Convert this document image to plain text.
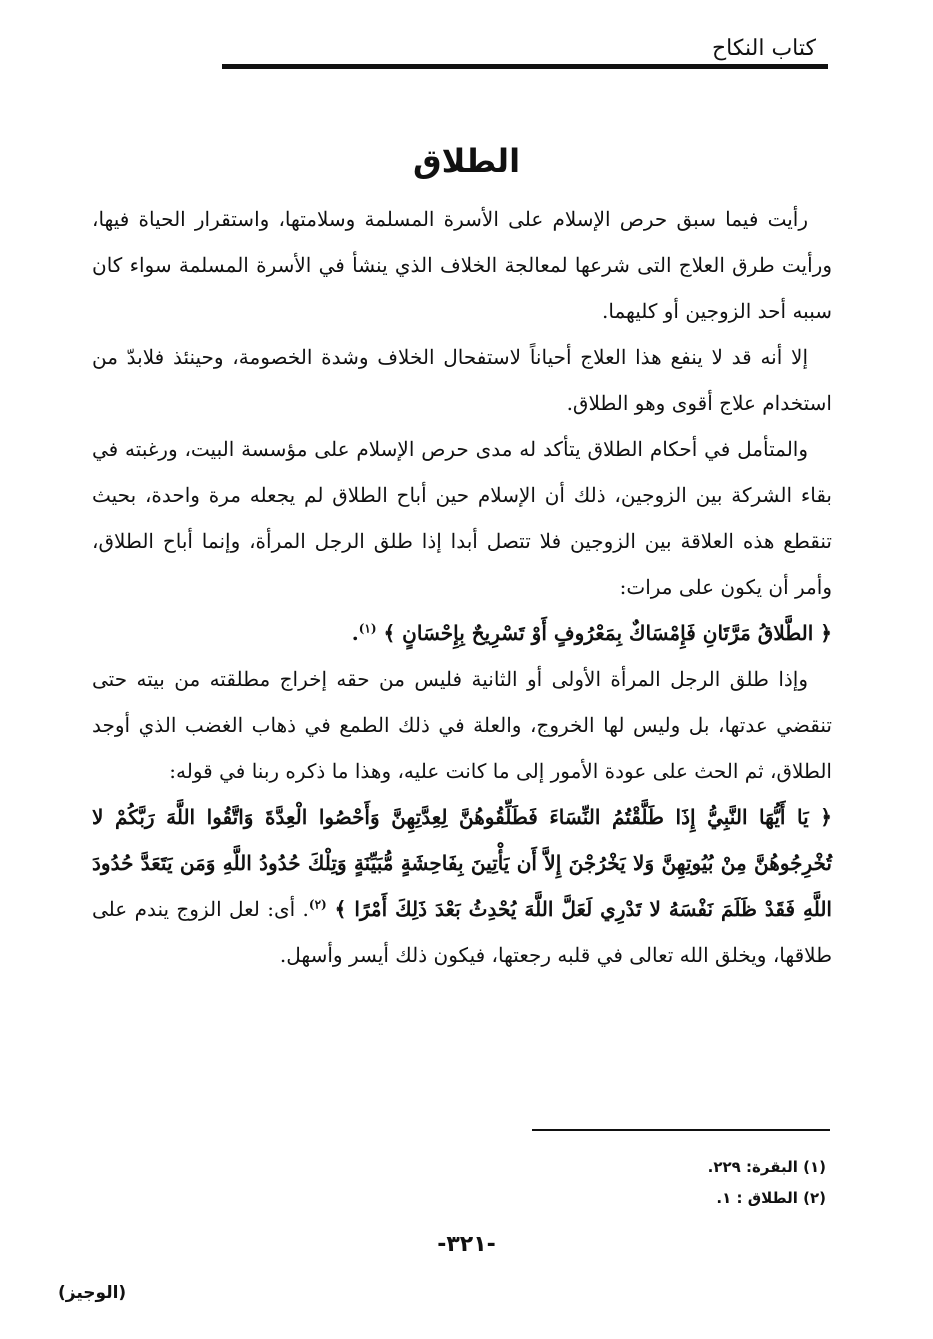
كتاب النكاح
الطلاق

رأيت فيما سبق حرص الإسلام على الأسرة المسلمة وسلامتها، واستقرار الحياة فيها، ورأيت طرق العلاج التى شرعها لمعالجة الخلاف الذي ينشأ في الأسرة المسلمة سواء كان سببه أحد الزوجين أو كليهما.

إلا أنه قد لا ينفع هذا العلاج أحياناً لاستفحال الخلاف وشدة الخصومة، وحينئذ فلابدّ من استخدام علاج أقوى وهو الطلاق.

والمتأمل في أحكام الطلاق يتأكد له مدى حرص الإسلام على مؤسسة البيت، ورغبته في بقاء الشركة بين الزوجين، ذلك أن الإسلام حين أباح الطلاق لم يجعله مرة واحدة، بحيث تنقطع هذه العلاقة بين الزوجين فلا تتصل أبدا إذا طلق الرجل المرأة، وإنما أباح الطلاق، وأمر أن يكون على مرات:

﴿ الطَّلاقُ مَرَّتَانِ فَإِمْسَاكٌ بِمَعْرُوفٍ أَوْ تَسْرِيحٌ بِإِحْسَانٍ ﴾ $^{(١)}$.

وإذا طلق الرجل المرأة الأولى أو الثانية فليس من حقه إخراج مطلقته من بيته حتى تنقضي عدتها، بل وليس لها الخروج، والعلة في ذلك الطمع في ذهاب الغضب الذي أوجد الطلاق، ثم الحث على عودة الأمور إلى ما كانت عليه، وهذا ما ذكره ربنا في قوله:

﴿ يَا أَيُّهَا النَّبِيُّ إِذَا طَلَّقْتُمُ النِّسَاءَ فَطَلِّقُوهُنَّ لِعِدَّتِهِنَّ وَأَحْصُوا الْعِدَّةَ وَاتَّقُوا اللَّهَ رَبَّكُمْ لا تُخْرِجُوهُنَّ مِنْ بُيُوتِهِنَّ وَلا يَخْرُجْنَ إِلاَّ أَن يَأْتِينَ بِفَاحِشَةٍ مُّبَيِّنَةٍ وَتِلْكَ حُدُودُ اللَّهِ وَمَن يَتَعَدَّ حُدُودَ اللَّهِ فَقَدْ ظَلَمَ نَفْسَهُ لا تَدْرِي لَعَلَّ اللَّهَ يُحْدِثُ بَعْدَ ذَلِكَ أَمْرًا ﴾ $^{(٢)}$. أى: لعل الزوج يندم على طلاقها، ويخلق الله تعالى في قلبه رجعتها، فيكون ذلك أيسر وأسهل.

(١) البقرة: ٢٢٩.
(٢) الطلاق : ١.
-٣٢١-
(الوجيز)
